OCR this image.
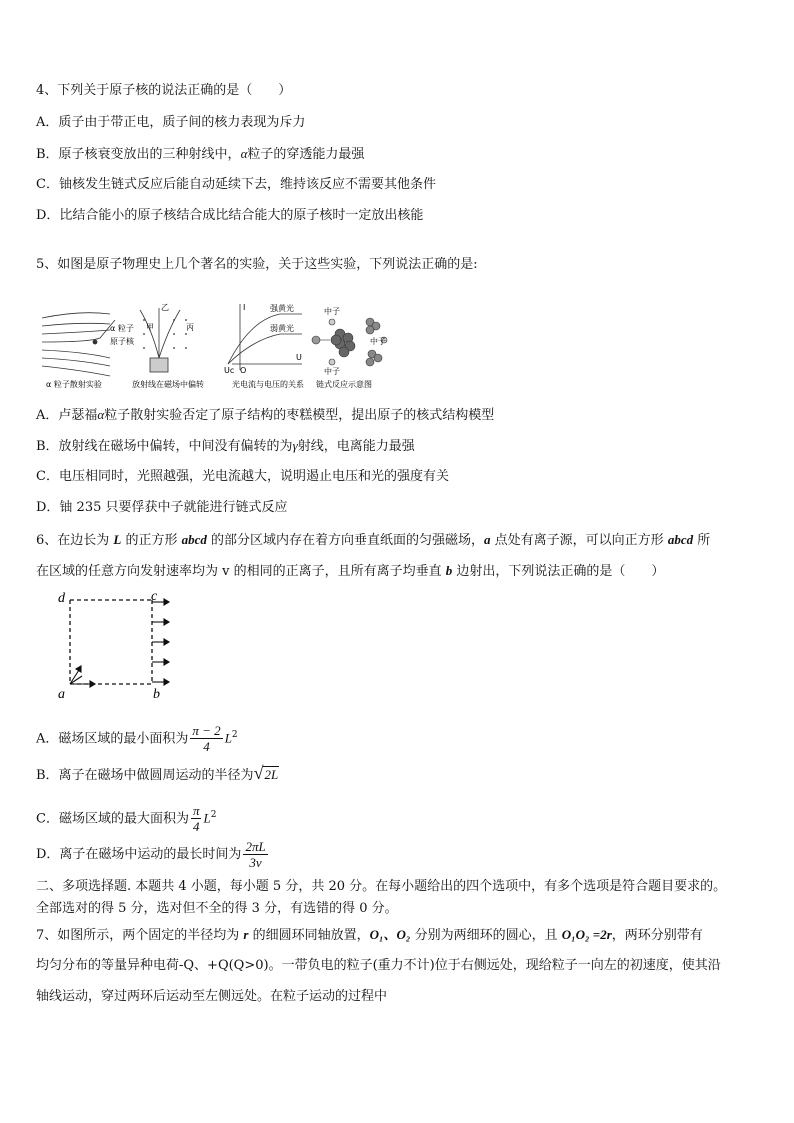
4、下列关于原子核的说法正确的是（　　）
A．质子由于带正电，质子间的核力表现为斥力
B．原子核衰变放出的三种射线中，α粒子的穿透能力最强
C．铀核发生链式反应后能自动延续下去，维持该反应不需要其他条件
D．比结合能小的原子核结合成比结合能大的原子核时一定放出核能
5、如图是原子物理史上几个著名的实验，关于这些实验，下列说法正确的是:
α 粒子
原子核
α 粒子散射实验
甲
乙
丙
放射线在磁场中偏转
强黄光
弱黄光
I
U
Uc O
光电流与电压的关系
中子
中子
中子
链式反应示意图
A．卢瑟福α粒子散射实验否定了原子结构的枣糕模型，提出原子的核式结构模型
B．放射线在磁场中偏转，中间没有偏转的为γ射线，电离能力最强
C．电压相同时，光照越强，光电流越大，说明遏止电压和光的强度有关
D．铀 235 只要俘获中子就能进行链式反应
6、在边长为 L 的正方形 abcd 的部分区域内存在着方向垂直纸面的匀强磁场，a 点处有离子源，可以向正方形 abcd 所
在区域的任意方向发射速率均为 v 的相同的正离子，且所有离子均垂直 b 边射出，下列说法正确的是（　　）
d	c
a	b
A．磁场区域的最小面积为 $\frac{\pi - 2}{4} L^2$
B．离子在磁场中做圆周运动的半径为√2L
C．磁场区域的最大面积为 $\frac{\pi}{4} L^2$
D．离子在磁场中运动的最长时间为 $\frac{2\pi L}{3v}$
二、多项选择题. 本题共 4 小题，每小题 5 分，共 20 分。在每小题给出的四个选项中，有多个选项是符合题目要求的。
全部选对的得 5 分，选对但不全的得 3 分，有选错的得 0 分。
7、如图所示，两个固定的半径均为 r 的细圆环同轴放置，O₁、O₂ 分别为两细环的圆心，且 O₁O₂ =2r，两环分别带有
均匀分布的等量异种电荷-Q、+Q(Q>0)。一带负电的粒子(重力不计)位于右侧远处，现给粒子一向左的初速度，使其沿
轴线运动，穿过两环后运动至左侧远处。在粒子运动的过程中
